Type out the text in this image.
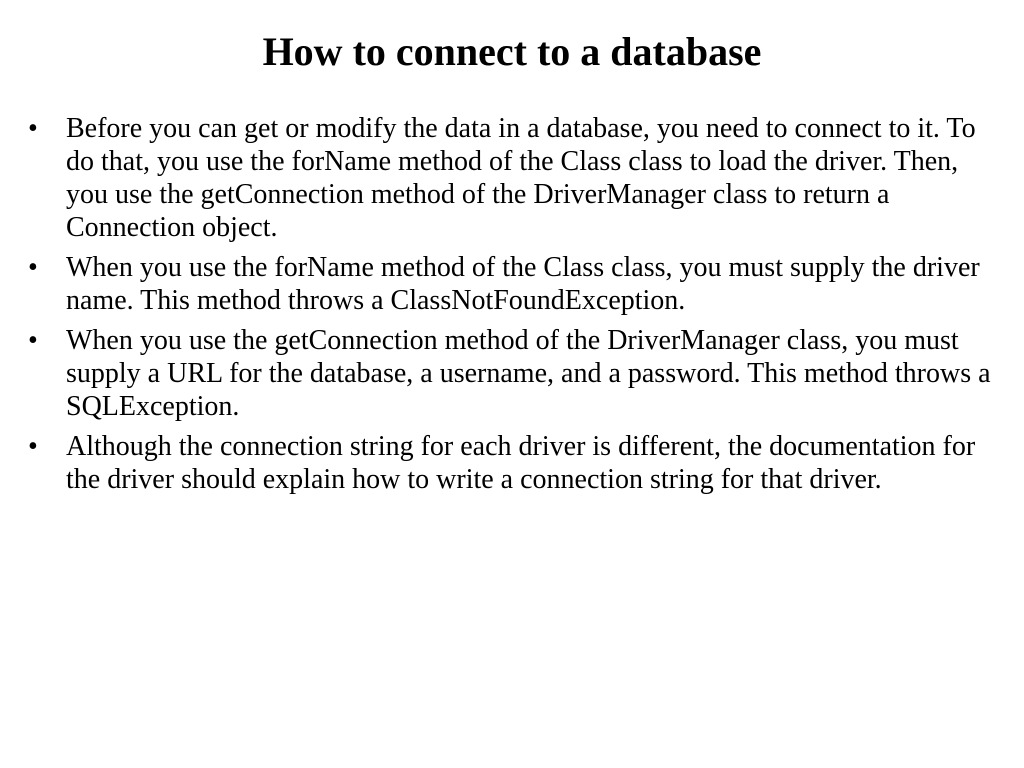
How to connect to a database
•	Before you can get or modify the data in a database, you need to connect to it. To do that, you use the forName method of the Class class to load the driver. Then, you use the getConnection method of the DriverManager class to return a Connection object.
•	When you use the forName method of the Class class, you must supply the driver name. This method throws a ClassNotFoundException.
•	When you use the getConnection method of the DriverManager class, you must supply a URL for the database, a username, and a password. This method throws a SQLException.
•	Although the connection string for each driver is different, the documentation for the driver should explain how to write a connection string for that driver.
